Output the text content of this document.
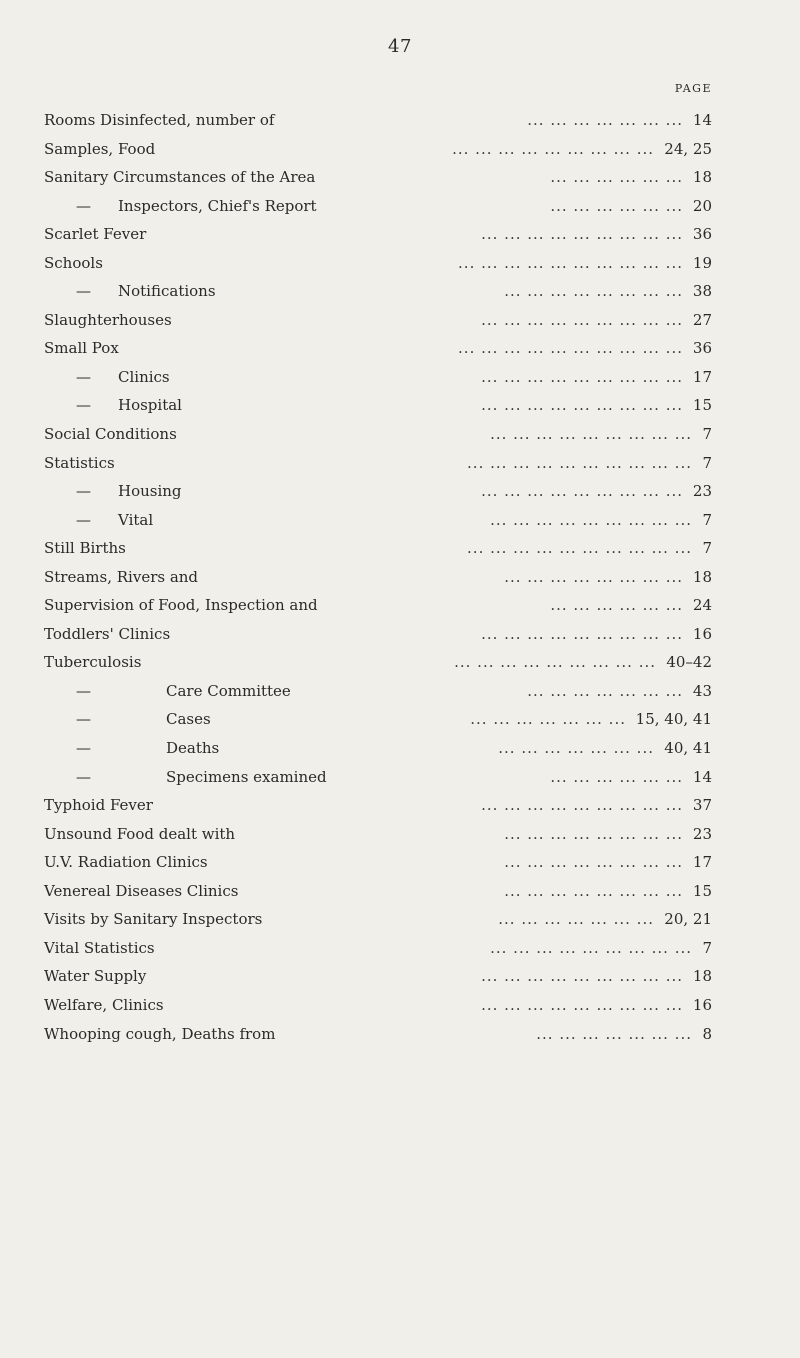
47
PAGE
Rooms Disinfected, number of	... ... ... ... ... ... ... 14
Samples, Food	... ... ... ... ... ... ... ... ... 24, 25
Sanitary Circumstances of the Area	... ... ... ... ... ... 18
— Inspectors, Chief's Report	... ... ... ... ... ... 20
Scarlet Fever	... ... ... ... ... ... ... ... ... 36
Schools	... ... ... ... ... ... ... ... ... ... 19
— Notifications	... ... ... ... ... ... ... ... 38
Slaughterhouses	... ... ... ... ... ... ... ... ... 27
Small Pox	... ... ... ... ... ... ... ... ... ... 36
— Clinics	... ... ... ... ... ... ... ... ... 17
— Hospital	... ... ... ... ... ... ... ... ... 15
Social Conditions	... ... ... ... ... ... ... ... ... 7
Statistics	... ... ... ... ... ... ... ... ... ... 7
— Housing	... ... ... ... ... ... ... ... ... 23
— Vital	... ... ... ... ... ... ... ... ... 7
Still Births	... ... ... ... ... ... ... ... ... ... 7
Streams, Rivers and	... ... ... ... ... ... ... ... 18
Supervision of Food, Inspection and	... ... ... ... ... ... 24
Toddlers' Clinics	... ... ... ... ... ... ... ... ... 16
Tuberculosis	... ... ... ... ... ... ... ... ... 40–42
—	Care Committee	... ... ... ... ... ... ... 43
—	Cases	... ... ... ... ... ... ... 15, 40, 41
—	Deaths	... ... ... ... ... ... ... 40, 41
—	Specimens examined	... ... ... ... ... ... 14
Typhoid Fever	... ... ... ... ... ... ... ... ... 37
Unsound Food dealt with	... ... ... ... ... ... ... ... 23
U.V. Radiation Clinics	... ... ... ... ... ... ... ... 17
Venereal Diseases Clinics	... ... ... ... ... ... ... ... 15
Visits by Sanitary Inspectors	... ... ... ... ... ... ... 20, 21
Vital Statistics	... ... ... ... ... ... ... ... ... 7
Water Supply	... ... ... ... ... ... ... ... ... 18
Welfare, Clinics	... ... ... ... ... ... ... ... ... 16
Whooping cough, Deaths from	... ... ... ... ... ... ... 8
